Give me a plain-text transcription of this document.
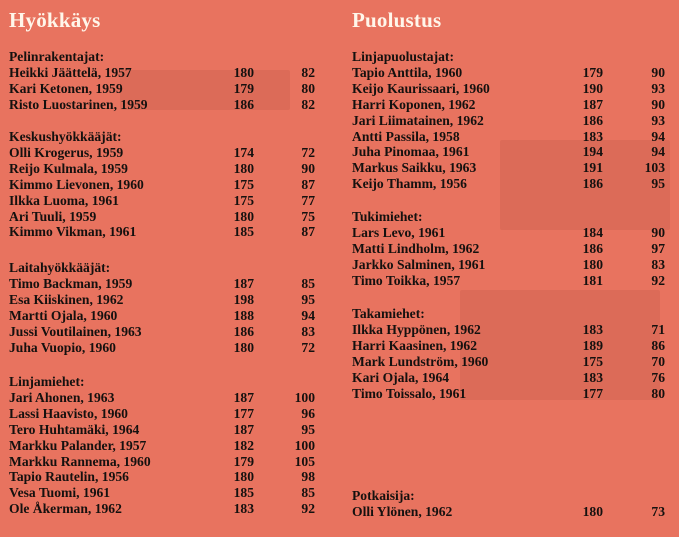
Hyökkäys
Pelinrakentajat:
Heikki Jäättelä, 1957	180	82
Kari Ketonen, 1959	179	80
Risto Luostarinen, 1959	186	82
Keskushyökkääjät:
Olli Krogerus, 1959	174	72
Reijo Kulmala, 1959	180	90
Kimmo Lievonen, 1960	175	87
Ilkka Luoma, 1961	175	77
Ari Tuuli, 1959	180	75
Kimmo Vikman, 1961	185	87
Laitahyökkääjät:
Timo Backman, 1959	187	85
Esa Kiiskinen, 1962	198	95
Martti Ojala, 1960	188	94
Jussi Voutilainen, 1963	186	83
Juha Vuopio, 1960	180	72
Linjamiehet:
Jari Ahonen, 1963	187	100
Lassi Haavisto, 1960	177	96
Tero Huhtamäki, 1964	187	95
Markku Palander, 1957	182	100
Markku Rannema, 1960	179	105
Tapio Rautelin, 1956	180	98
Vesa Tuomi, 1961	185	85
Ole Åkerman, 1962	183	92
Puolustus
Linjapuolustajat:
Tapio Anttila, 1960	179	90
Keijo Kaurissaari, 1960	190	93
Harri Koponen, 1962	187	90
Jari Liimatainen, 1962	186	93
Antti Passila, 1958	183	94
Juha Pinomaa, 1961	194	94
Markus Saikku, 1963	191	103
Keijo Thamm, 1956	186	95
Tukimiehet:
Lars Levo, 1961	184	90
Matti Lindholm, 1962	186	97
Jarkko Salminen, 1961	180	83
Timo Toikka, 1957	181	92
Takamiehet:
Ilkka Hyppönen, 1962	183	71
Harri Kaasinen, 1962	189	86
Mark Lundström, 1960	175	70
Kari Ojala, 1964	183	76
Timo Toissalo, 1961	177	80
Potkaisija:
Olli Ylönen, 1962	180	73
